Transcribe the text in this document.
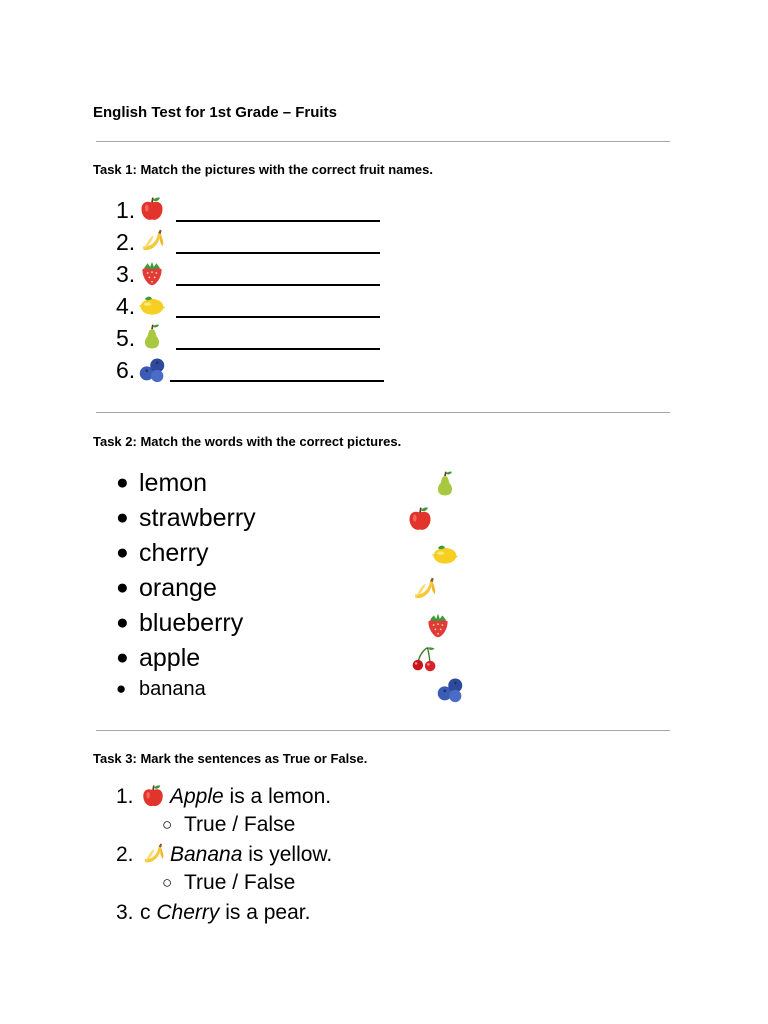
English Test for 1st Grade – Fruits
Task 1: Match the pictures with the correct fruit names.
1.
2.
3.
4.
5.
6.
Task 2: Match the words with the correct pictures.
● lemon
● strawberry
● cherry
● orange
● blueberry
● apple
● banana
Task 3: Mark the sentences as True or False.
1.	Apple is a lemon.
○ True / False
2.	Banana is yellow.
○ True / False
3. c Cherry is a pear.
